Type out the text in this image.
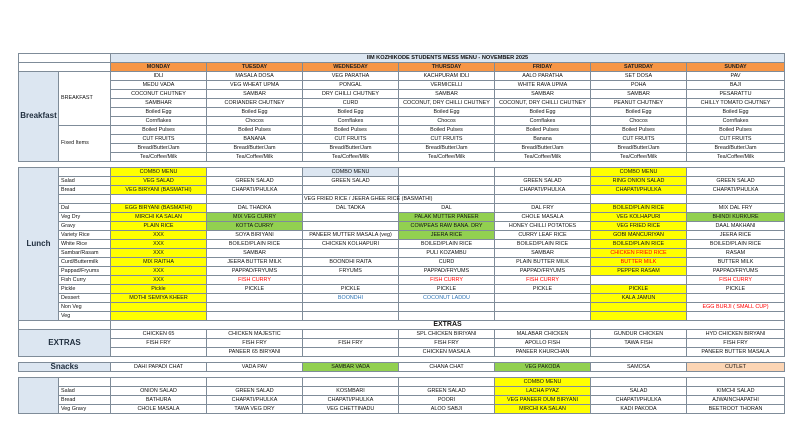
		IIM KOZHIKODE STUDENTS MESS MENU - NOVEMBER 2025						
		MONDAY	TUESDAY	WEDNESDAY	THURSDAY	FRIDAY	SATURDAY	SUNDAY
Breakfast	BREAKFAST	IDLI	MASALA DOSA	VEG PARATHA	KACHPURAM IDLI	AALO PARATHA	SET DOSA	PAV
		MEDU VADA	VEG WHEAT UPMA	PONGAL	VERMICELLI	WHITE RAVA UPMA	POHA	BAJI
		COCONUT CHUTNEY	SAMBAR	DRY CHILLI CHUTNEY	SAMBAR	SAMBAR	SAMBAR	PESARATTU
		SAMBHAR	CORIANDER CHUTNEY	CURD	COCONUT, DRY CHILLI CHUTNEY	COCONUT, DRY CHILLI CHUTNEY	PEANUT CHUTNEY	CHILLY TOMATO CHUTNEY
		Boiled Egg	Boiled Egg	Boiled Egg	Boiled Egg	Boiled Egg	Boiled Egg	Boiled Egg
		Cornflakes	Chocos	Cornflakes	Chocos	Cornflakes	Chocos	Cornflakes
	Fixed Items	Boiled Pulses	Boiled Pulses	Boiled Pulses	Boiled Pulses	Boiled Pulses	Boiled Pulses	Boiled Pulses
		CUT FRUITS	BANANA	CUT FRUITS	CUT FRUITS	Banana	CUT FRUITS	CUT FRUITS
		Bread/Butter/Jam	Bread/Butter/Jam	Bread/Butter/Jam	Bread/Butter/Jam	Bread/Butter/Jam	Bread/Butter/Jam	Bread/Butter/Jam
		Tea/Coffee/Milk	Tea/Coffee/Milk	Tea/Coffee/Milk	Tea/Coffee/Milk	Tea/Coffee/Milk	Tea/Coffee/Milk	Tea/Coffee/Milk

Lunch		COMBO MENU		COMBO MENU			COMBO MENU	
	Salad	VEG SALAD	GREEN SALAD	GREEN SALAD		GREEN SALAD	RING ONION SALAD	GREEN SALAD
	Bread	VEG BIRYANI (BASMATHI)	CHAPATI/PHULKA			CHAPATI/PHULKA	CHAPATI/PHULKA	CHAPATI/PHULKA
				VEG FRIED RICE / JEERA GHEE RICE (BASMATHI)				
	Dal	EGG BIRYANI (BASMATHI)	DAL THADKA	DAL TADKA	DAL	DAL FRY	BOILED/PLAIN RICE	MIX DAL FRY
	Veg Dry	MIRCHI KA SALAN	MIX VEG CURRY		PALAK MUTTER PANEER	CHOLE MASALA	VEG KOLHAPURI	BHINDI KURKURE
	Gravy	PLAIN RICE	KOTTA CURRY		COWPEAS RAW BANA. DRY	HONEY CHILLI POTATOES	VEG FRIED RICE	DAAL MAKHANI
	Variety Rice	XXX	SOYA BIRIYANI	PANEER MUTTER MASALA (veg)	JEERA RICE	CURRY LEAF RICE	GOBI MANCURIYAN	JEERA RICE
	White Rice	XXX	BOILED/PLAIN RICE	CHICKEN KOLHAPURI	BOILED/PLAIN RICE	BOILED/PLAIN RICE	BOILED/PLAIN RICE	BOILED/PLAIN RICE
	Sambar/Rasam	XXX	SAMBAR		PULI KOZAMBU	SAMBAR	CHICKEN FRIED RICE	RASAM
	Curd/Buttermilk	MIX RAITHA	JEERA BUTTER MILK	BOONDHI RAITA	CURD	PLAIN BUTTER MILK	BUTTER MILK	BUTTER MILK
	Pappad/Fryums	XXX	PAPPAD/FRYUMS	FRYUMS	PAPPAD/FRYUMS	PAPPAD/FRYUMS	PEPPER RASAM	PAPPAD/FRYUMS
	Fish Curry	XXX	FISH CURRY		FISH CURRY	FISH CURRY		FISH CURRY
	Pickle	Pickle	PICKLE	PICKLE	PICKLE	PICKLE	PICKLE	PICKLE
	Dessert	MOTHI SEMIYA KHEER		BOONDHI	COCONUT LADDU		KALA JAMUN	
	Non Veg							EGG BURJI ( SMALL CUP)
	Veg							
		EXTRAS						
EXTRAS		CHICKEN 65	CHICKEN MAJESTIC		SPL CHICKEN BIRIYANI	MALABAR CHICKEN	GUNDUR CHICKEN	HYD CHICKEN BIRYANI
		FISH FRY	FISH FRY	FISH FRY	FISH FRY	APOLLO FISH	TAWA FISH	FISH FRY
			PANEER 65 BIRYANI		CHICKEN MASALA	PANEER KHURCHAN		PANEER BUTTER MASALA

Snacks		DAHI PAPADI CHAT	VADA PAV	SAMBAR VADA	CHANA CHAT	VEG PAKODA	SAMOSA	CUTLET

						COMBO MENU		
	Salad	ONION SALAD	GREEN SALAD	KOSMBARI	GREEN SALAD	LACHA PYAZ	SALAD	KIMCHI SALAD
	Bread	BATHURA	CHAPATI/PHULKA	CHAPATI/PHULKA	POORI	VEG PANEER DUM BIRYANI	CHAPATI/PHULKA	AJWAINCHAPATHI
	Veg Gravy	CHOLE MASALA	TAWA VEG DRY	VEG CHETTINADU	ALOO SABJI	MIRCHI KA SALAN	KADI PAKODA	BEETROOT THORAN
